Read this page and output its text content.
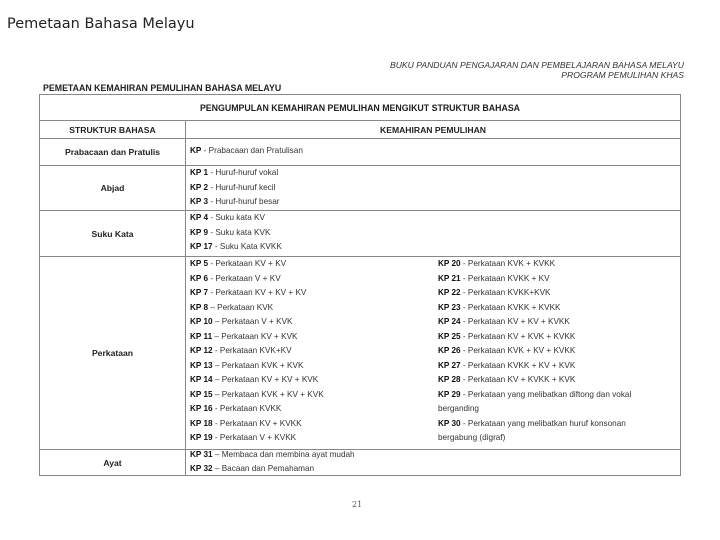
Pemetaan Bahasa Melayu
BUKU PANDUAN PENGAJARAN DAN PEMBELAJARAN BAHASA MELAYU
PROGRAM PEMULIHAN KHAS
PEMETAAN KEMAHIRAN PEMULIHAN BAHASA MELAYU
PENGUMPULAN KEMAHIRAN PEMULIHAN MENGIKUT STRUKTUR BAHASA
STRUKTUR BAHASA	KEMAHIRAN PEMULIHAN
Prabacaan dan Pratulis	KP - Prabacaan dan Pratulisan
Abjad
KP 1 - Huruf-huruf vokal
KP 2 - Huruf-huruf kecil
KP 3 - Huruf-huruf besar
Suku Kata
KP 4 - Suku kata KV
KP 9 - Suku kata KVK
KP 17 - Suku Kata KVKK
Perkataan
KP 5 - Perkataan KV + KV
KP 6 - Perkataan V + KV
KP 7 - Perkataan KV + KV + KV
KP 8 – Perkataan KVK
KP 10 – Perkataan V + KVK
KP 11 – Perkataan KV + KVK
KP 12 - Perkataan KVK+KV
KP 13 – Perkataan KVK + KVK
KP 14 – Perkataan KV + KV + KVK
KP 15 – Perkataan KVK + KV + KVK
KP 16 - Perkataan KVKK
KP 18 - Perkataan KV + KVKK
KP 19 - Perkataan V + KVKK
KP 20 - Perkataan KVK + KVKK
KP 21 - Perkataan KVKK + KV
KP 22 - Perkataan KVKK+KVK
KP 23 - Perkataan KVKK + KVKK
KP 24 - Perkataan KV + KV + KVKK
KP 25 - Perkataan KV + KVK + KVKK
KP 26 - Perkataan KVK + KV + KVKK
KP 27 - Perkataan KVKK + KV + KVK
KP 28 - Perkataan KV + KVKK + KVK
KP 29 - Perkataan yang melibatkan diftong dan vokal berganding
KP 30 - Perkataan yang melibatkan huruf konsonan bergabung (digraf)
Ayat
KP 31 – Membaca dan membina ayat mudah
KP 32 – Bacaan dan Pemahaman
21
